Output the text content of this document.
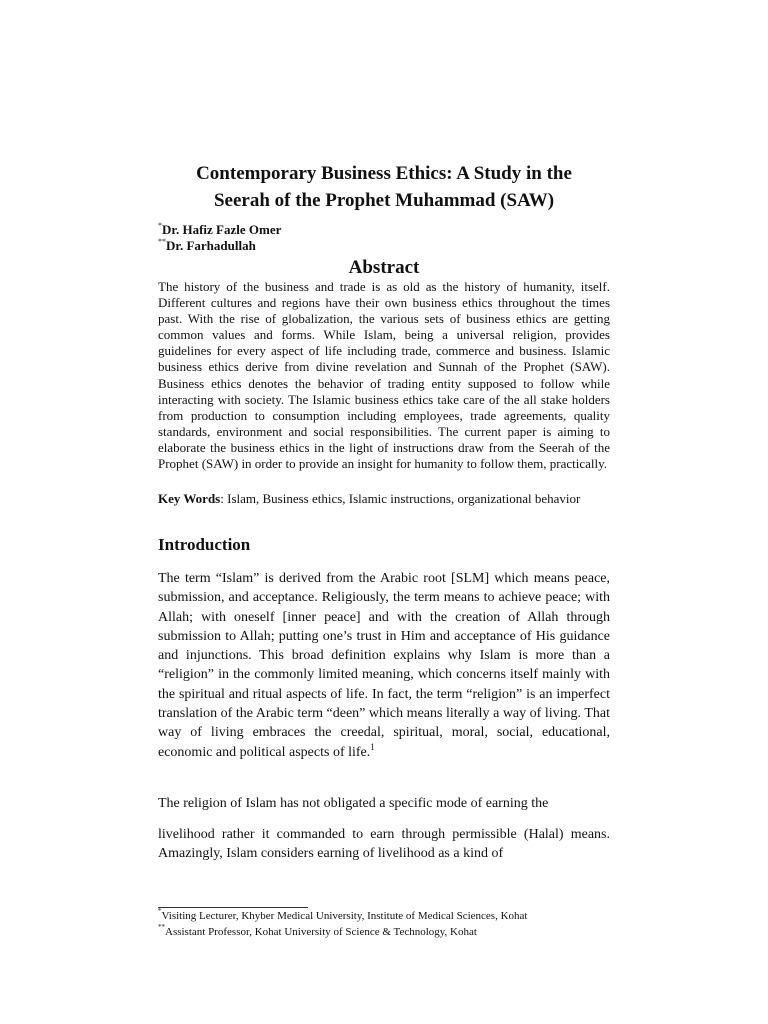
Contemporary Business Ethics: A Study in the
Seerah of the Prophet Muhammad (SAW)
*Dr. Hafiz Fazle Omer
**Dr. Farhadullah
Abstract
The history of the business and trade is as old as the history of humanity, itself. Different cultures and regions have their own business ethics throughout the times past. With the rise of globalization, the various sets of business ethics are getting common values and forms. While Islam, being a universal religion, provides guidelines for every aspect of life including trade, commerce and business. Islamic business ethics derive from divine revelation and Sunnah of the Prophet (SAW). Business ethics denotes the behavior of trading entity supposed to follow while interacting with society. The Islamic business ethics take care of the all stake holders from production to consumption including employees, trade agreements, quality standards, environment and social responsibilities. The current paper is aiming to elaborate the business ethics in the light of instructions draw from the Seerah of the Prophet (SAW) in order to provide an insight for humanity to follow them, practically.
Key Words: Islam, Business ethics, Islamic instructions, organizational behavior
Introduction
The term “Islam” is derived from the Arabic root [SLM] which means peace, submission, and acceptance. Religiously, the term means to achieve peace; with Allah; with oneself [inner peace] and with the creation of Allah through submission to Allah; putting one’s trust in Him and acceptance of His guidance and injunctions. This broad definition explains why Islam is more than a “religion” in the commonly limited meaning, which concerns itself mainly with the spiritual and ritual aspects of life. In fact, the term “religion” is an imperfect translation of the Arabic term “deen” which means literally a way of living. That way of living embraces the creedal, spiritual, moral, social, educational, economic and political aspects of life.$^1$
The religion of Islam has not obligated a specific mode of earning the
livelihood rather it commanded to earn through permissible (Halal) means. Amazingly, Islam considers earning of livelihood as a kind of
*Visiting Lecturer, Khyber Medical University, Institute of Medical Sciences, Kohat
**Assistant Professor, Kohat University of Science & Technology, Kohat
